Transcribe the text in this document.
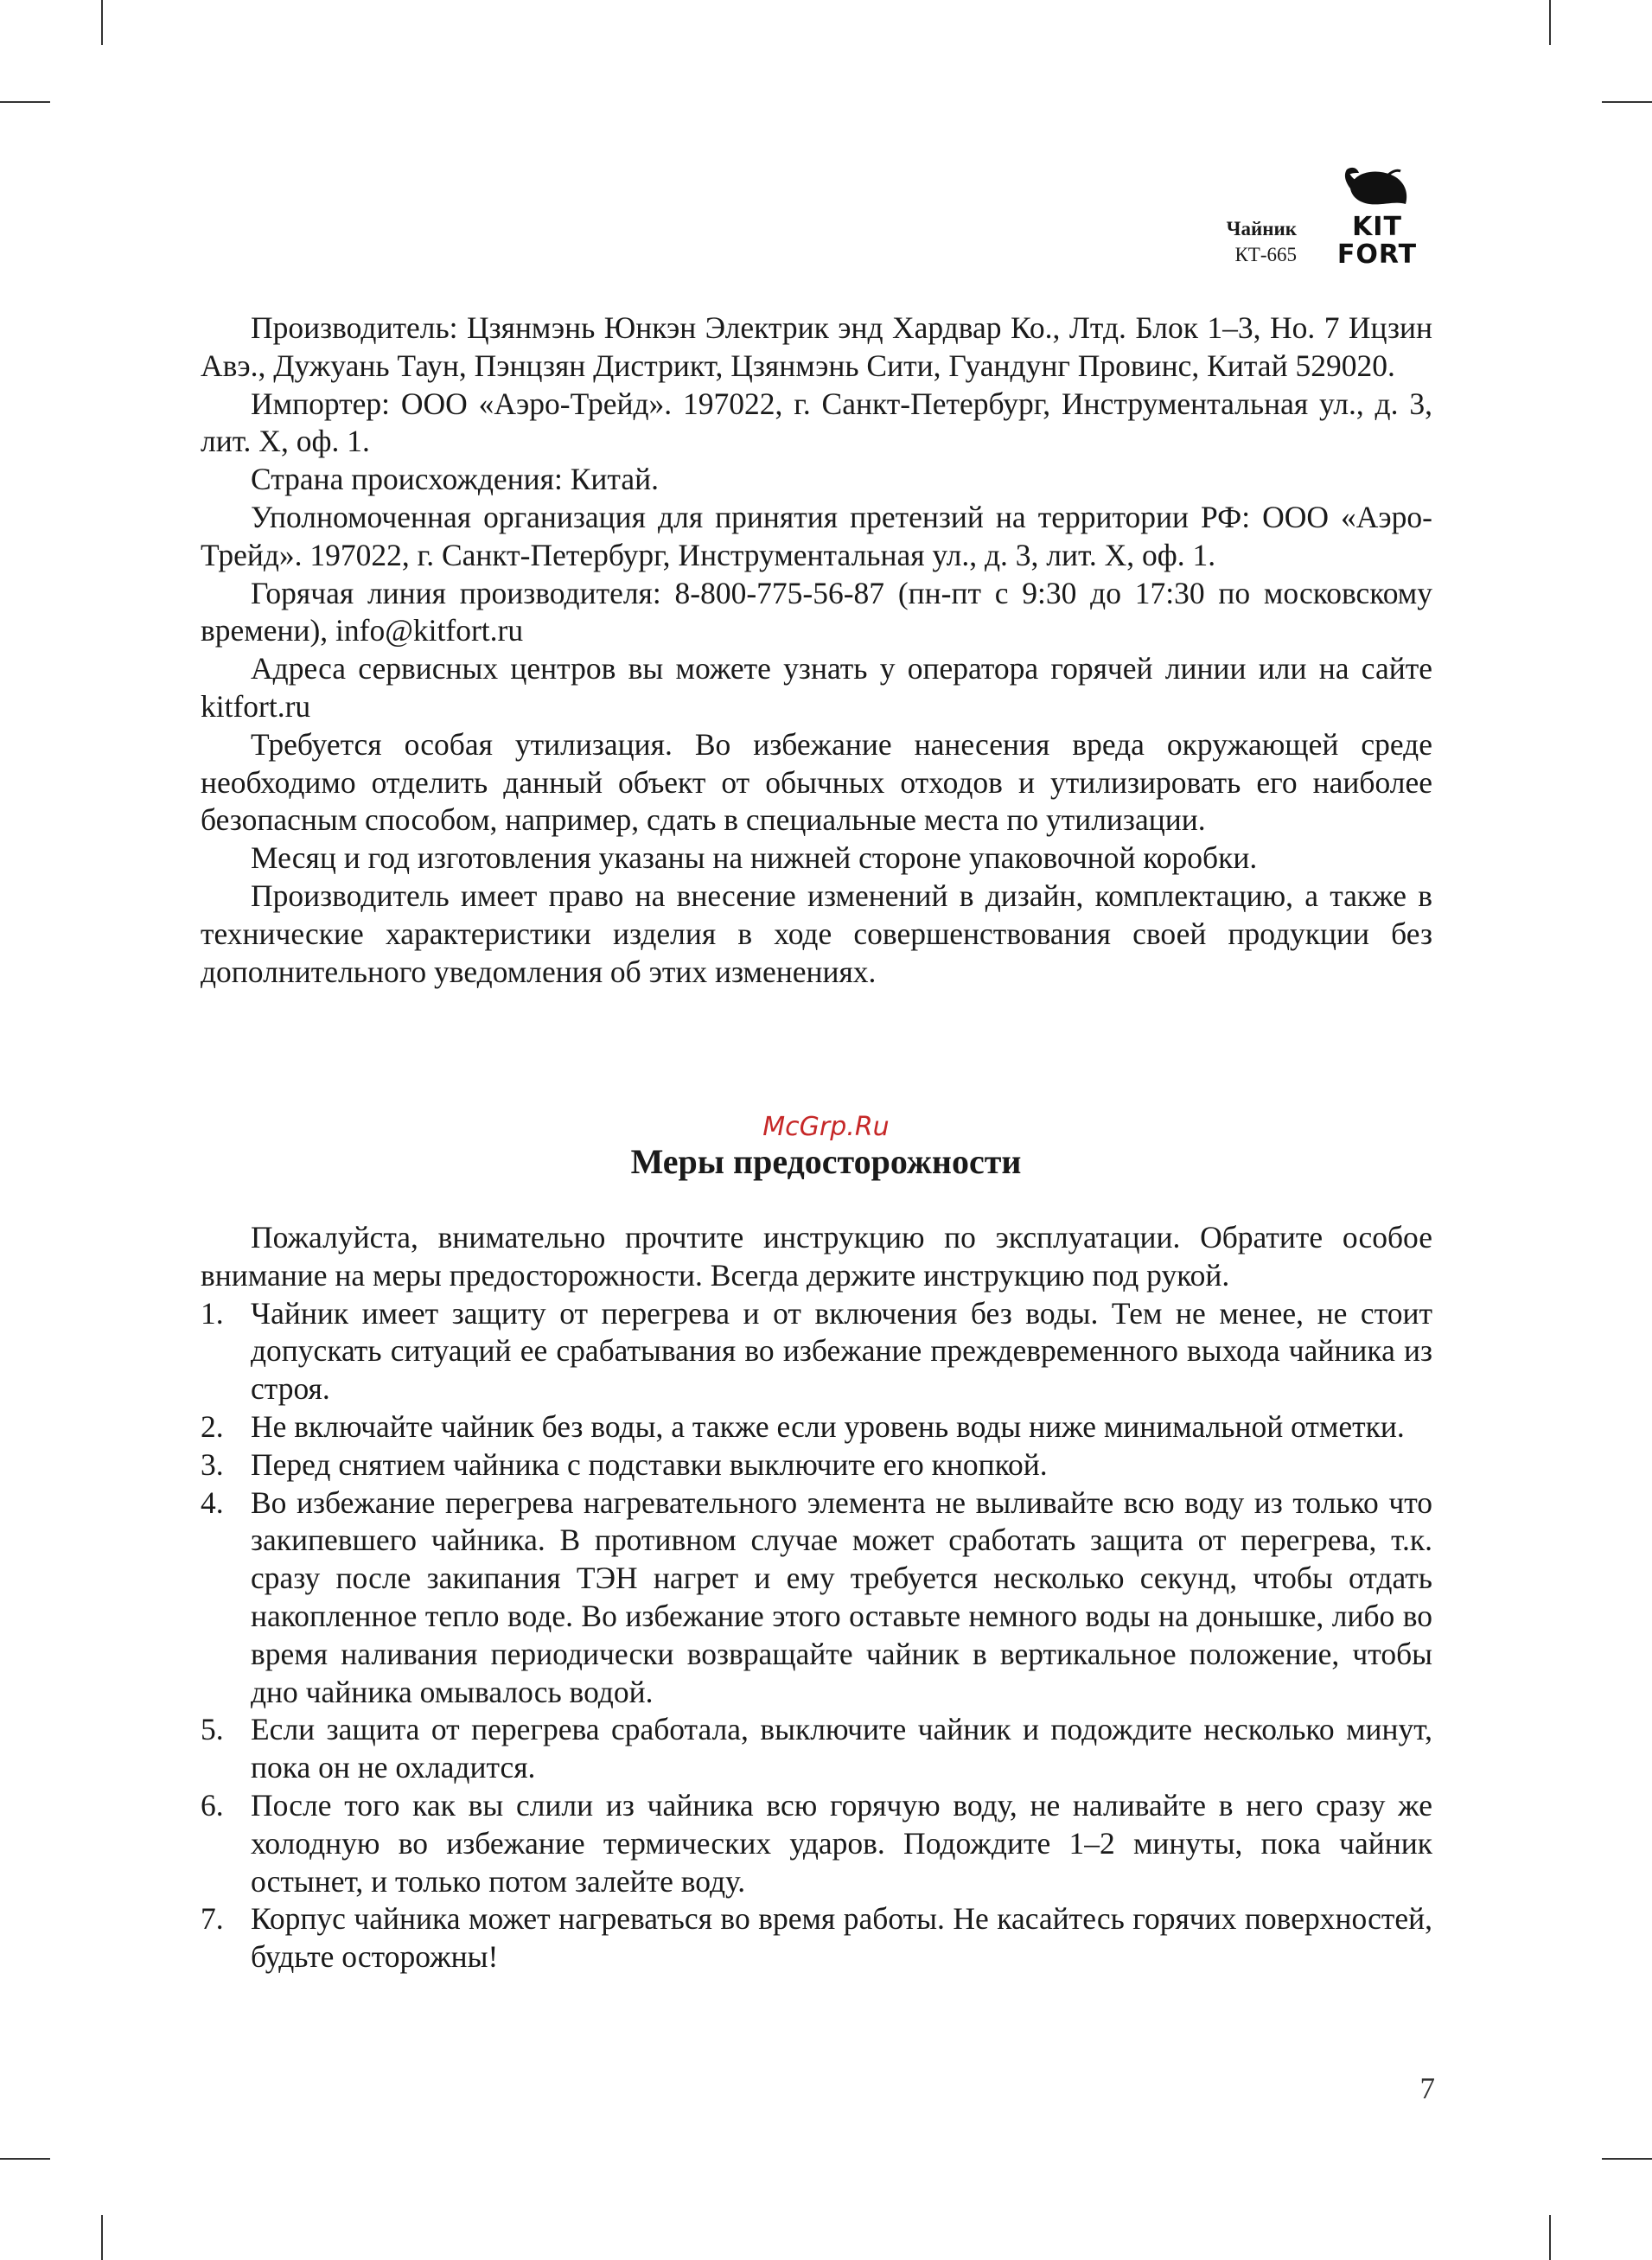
Чайник
КТ-665
KIT
FORT

Производитель: Цзянмэнь Юнкэн Электрик энд Хардвар Ко., Лтд. Блок 1–3, Но. 7 Ицзин Авэ., Дужуань Таун, Пэнцзян Дистрикт, Цзянмэнь Сити, Гуандунг Провинс, Китай 529020.

Импортер: ООО «Аэро-Трейд». 197022, г. Санкт-Петербург, Инструментальная ул., д. 3, лит. Х, оф. 1.

Страна происхождения: Китай.

Уполномоченная организация для принятия претензий на территории РФ: ООО «Аэро-Трейд». 197022, г. Санкт-Петербург, Инструментальная ул., д. 3, лит. Х, оф. 1.

Горячая линия производителя: 8-800-775-56-87 (пн-пт с 9:30 до 17:30 по московскому времени), info@kitfort.ru

Адреса сервисных центров вы можете узнать у оператора горячей линии или на сайте kitfort.ru

Требуется особая утилизация. Во избежание нанесения вреда окружающей среде необходимо отделить данный объект от обычных отходов и утилизировать его наиболее безопасным способом, например, сдать в специальные места по утилизации.

Месяц и год изготовления указаны на нижней стороне упаковочной коробки.

Производитель имеет право на внесение изменений в дизайн, комплектацию, а также в технические характеристики изделия в ходе совершенствования своей продукции без дополнительного уведомления об этих изменениях.

McGrp.Ru
Меры предосторожности

Пожалуйста, внимательно прочтите инструкцию по эксплуатации. Обратите особое внимание на меры предосторожности. Всегда держите инструкцию под рукой.

1. Чайник имеет защиту от перегрева и от включения без воды. Тем не менее, не стоит допускать ситуаций ее срабатывания во избежание преждевременного выхода чайника из строя.
2. Не включайте чайник без воды, а также если уровень воды ниже минимальной отметки.
3. Перед снятием чайника с подставки выключите его кнопкой.
4. Во избежание перегрева нагревательного элемента не выливайте всю воду из только что закипевшего чайника. В противном случае может сработать защита от перегрева, т.к. сразу после закипания ТЭН нагрет и ему требуется несколько секунд, чтобы отдать накопленное тепло воде. Во избежание этого оставьте немного воды на донышке, либо во время наливания периодически возвращайте чайник в вертикальное положение, чтобы дно чайника омывалось водой.
5. Если защита от перегрева сработала, выключите чайник и подождите несколько минут, пока он не охладится.
6. После того как вы слили из чайника всю горячую воду, не наливайте в него сразу же холодную во избежание термических ударов. Подождите 1–2 минуты, пока чайник остынет, и только потом залейте воду.
7. Корпус чайника может нагреваться во время работы. Не касайтесь горячих поверхностей, будьте осторожны!
7
